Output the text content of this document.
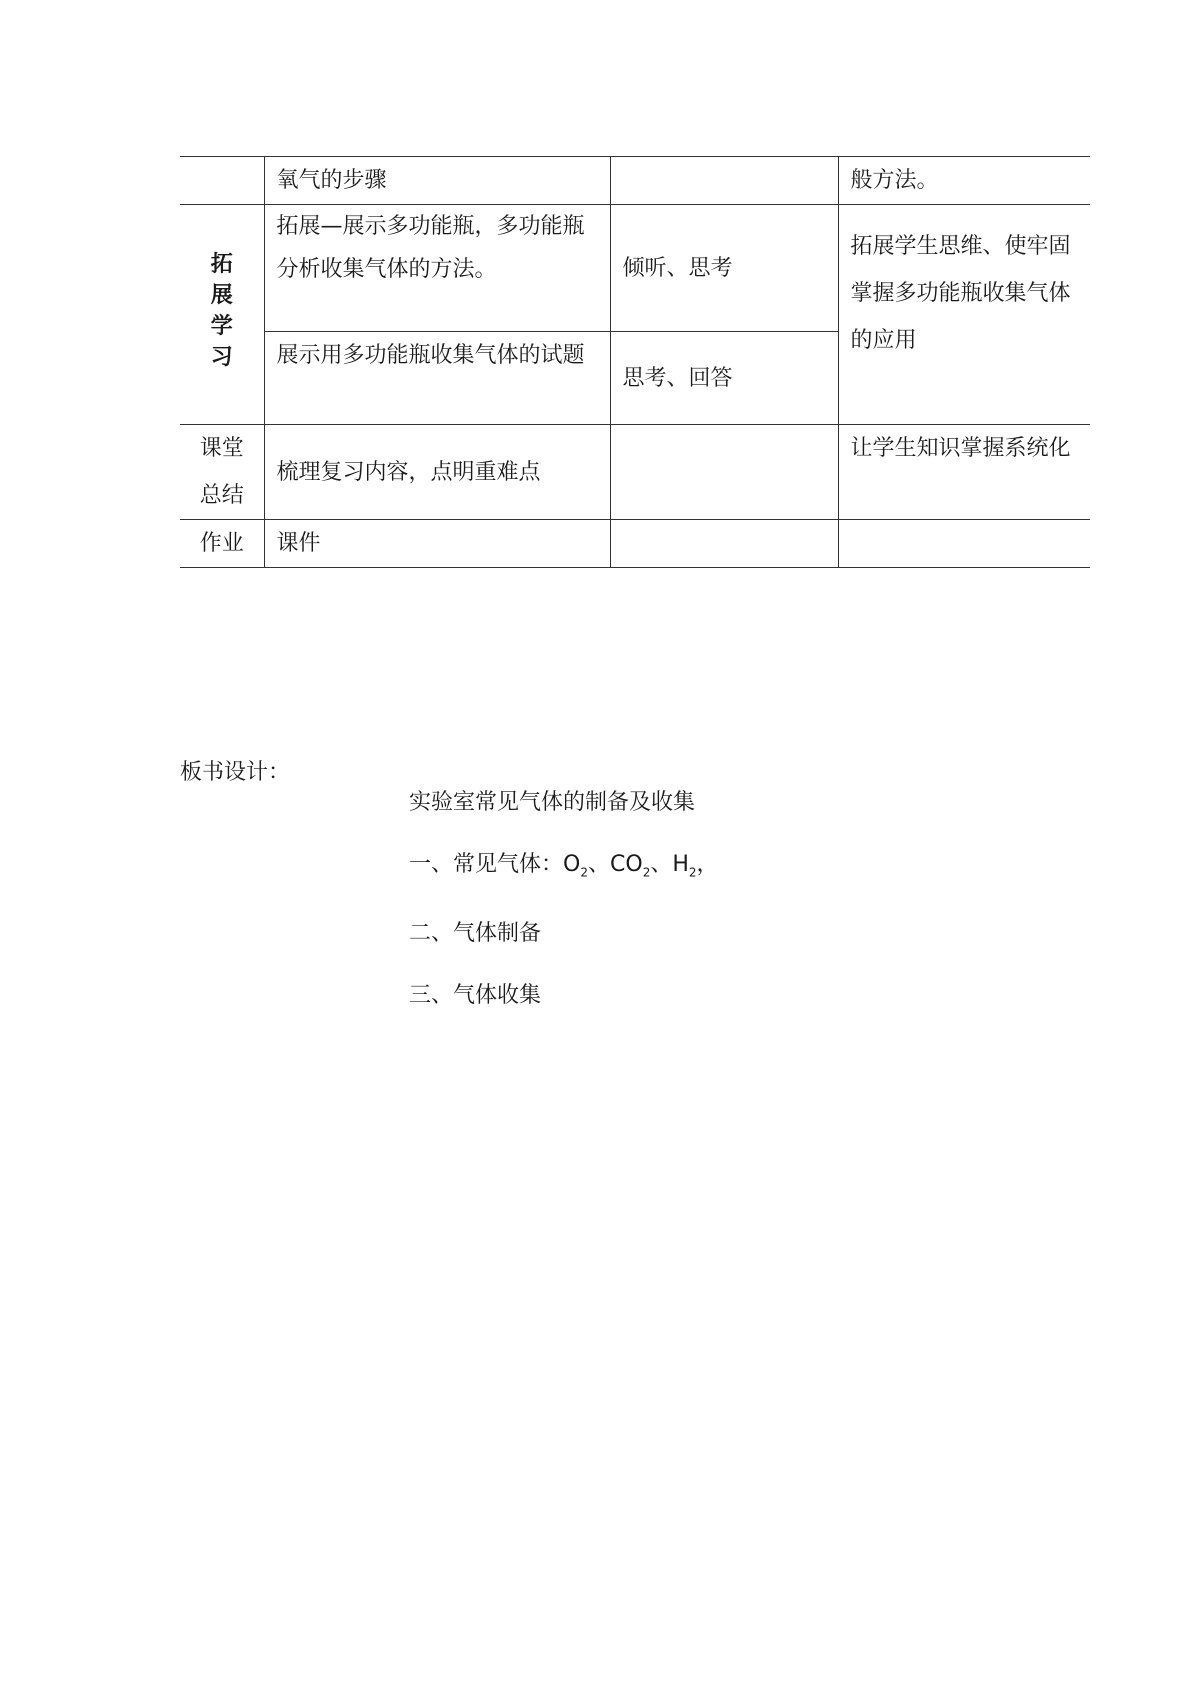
	氧气的步骤		般方法。
拓展学习	拓展—展示多功能瓶，多功能瓶分析收集气体的方法。	倾听、思考	拓展学生思维、使牢固掌握多功能瓶收集气体的应用
	展示用多功能瓶收集气体的试题	思考、回答	
课堂总结	梳理复习内容，点明重难点		让学生知识掌握系统化
作业	课件		
板书设计：
实验室常见气体的制备及收集
一、常见气体：$O_2$、$CO_2$、$H_2$，
二、气体制备
三、气体收集
